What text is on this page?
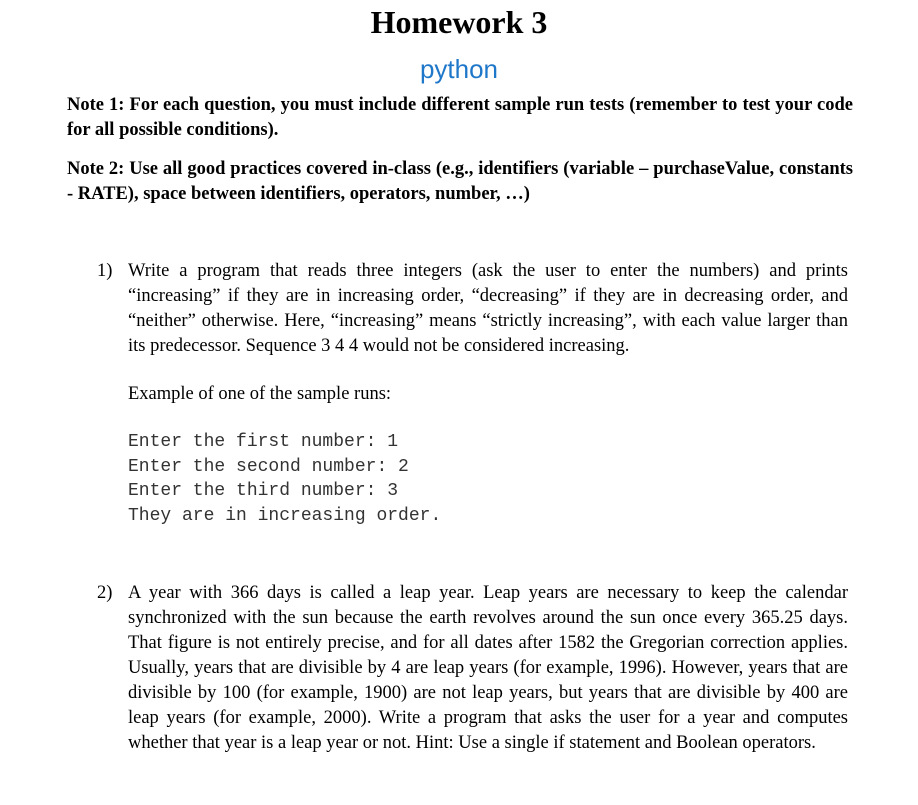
Homework 3
python
Note 1: For each question, you must include different sample run tests (remember to test your code for all possible conditions).
Note 2: Use all good practices covered in-class (e.g., identifiers (variable – purchaseValue, constants - RATE), space between identifiers, operators, number, …)
1) Write a program that reads three integers (ask the user to enter the numbers) and prints “increasing” if they are in increasing order, “decreasing” if they are in decreasing order, and “neither” otherwise. Here, “increasing” means “strictly increasing”, with each value larger than its predecessor. Sequence 3 4 4 would not be considered increasing.
Example of one of the sample runs:
Enter the first number: 1
Enter the second number: 2
Enter the third number: 3
They are in increasing order.
2) A year with 366 days is called a leap year. Leap years are necessary to keep the calendar synchronized with the sun because the earth revolves around the sun once every 365.25 days. That figure is not entirely precise, and for all dates after 1582 the Gregorian correction applies. Usually, years that are divisible by 4 are leap years (for example, 1996). However, years that are divisible by 100 (for example, 1900) are not leap years, but years that are divisible by 400 are leap years (for example, 2000). Write a program that asks the user for a year and computes whether that year is a leap year or not. Hint: Use a single if statement and Boolean operators.
